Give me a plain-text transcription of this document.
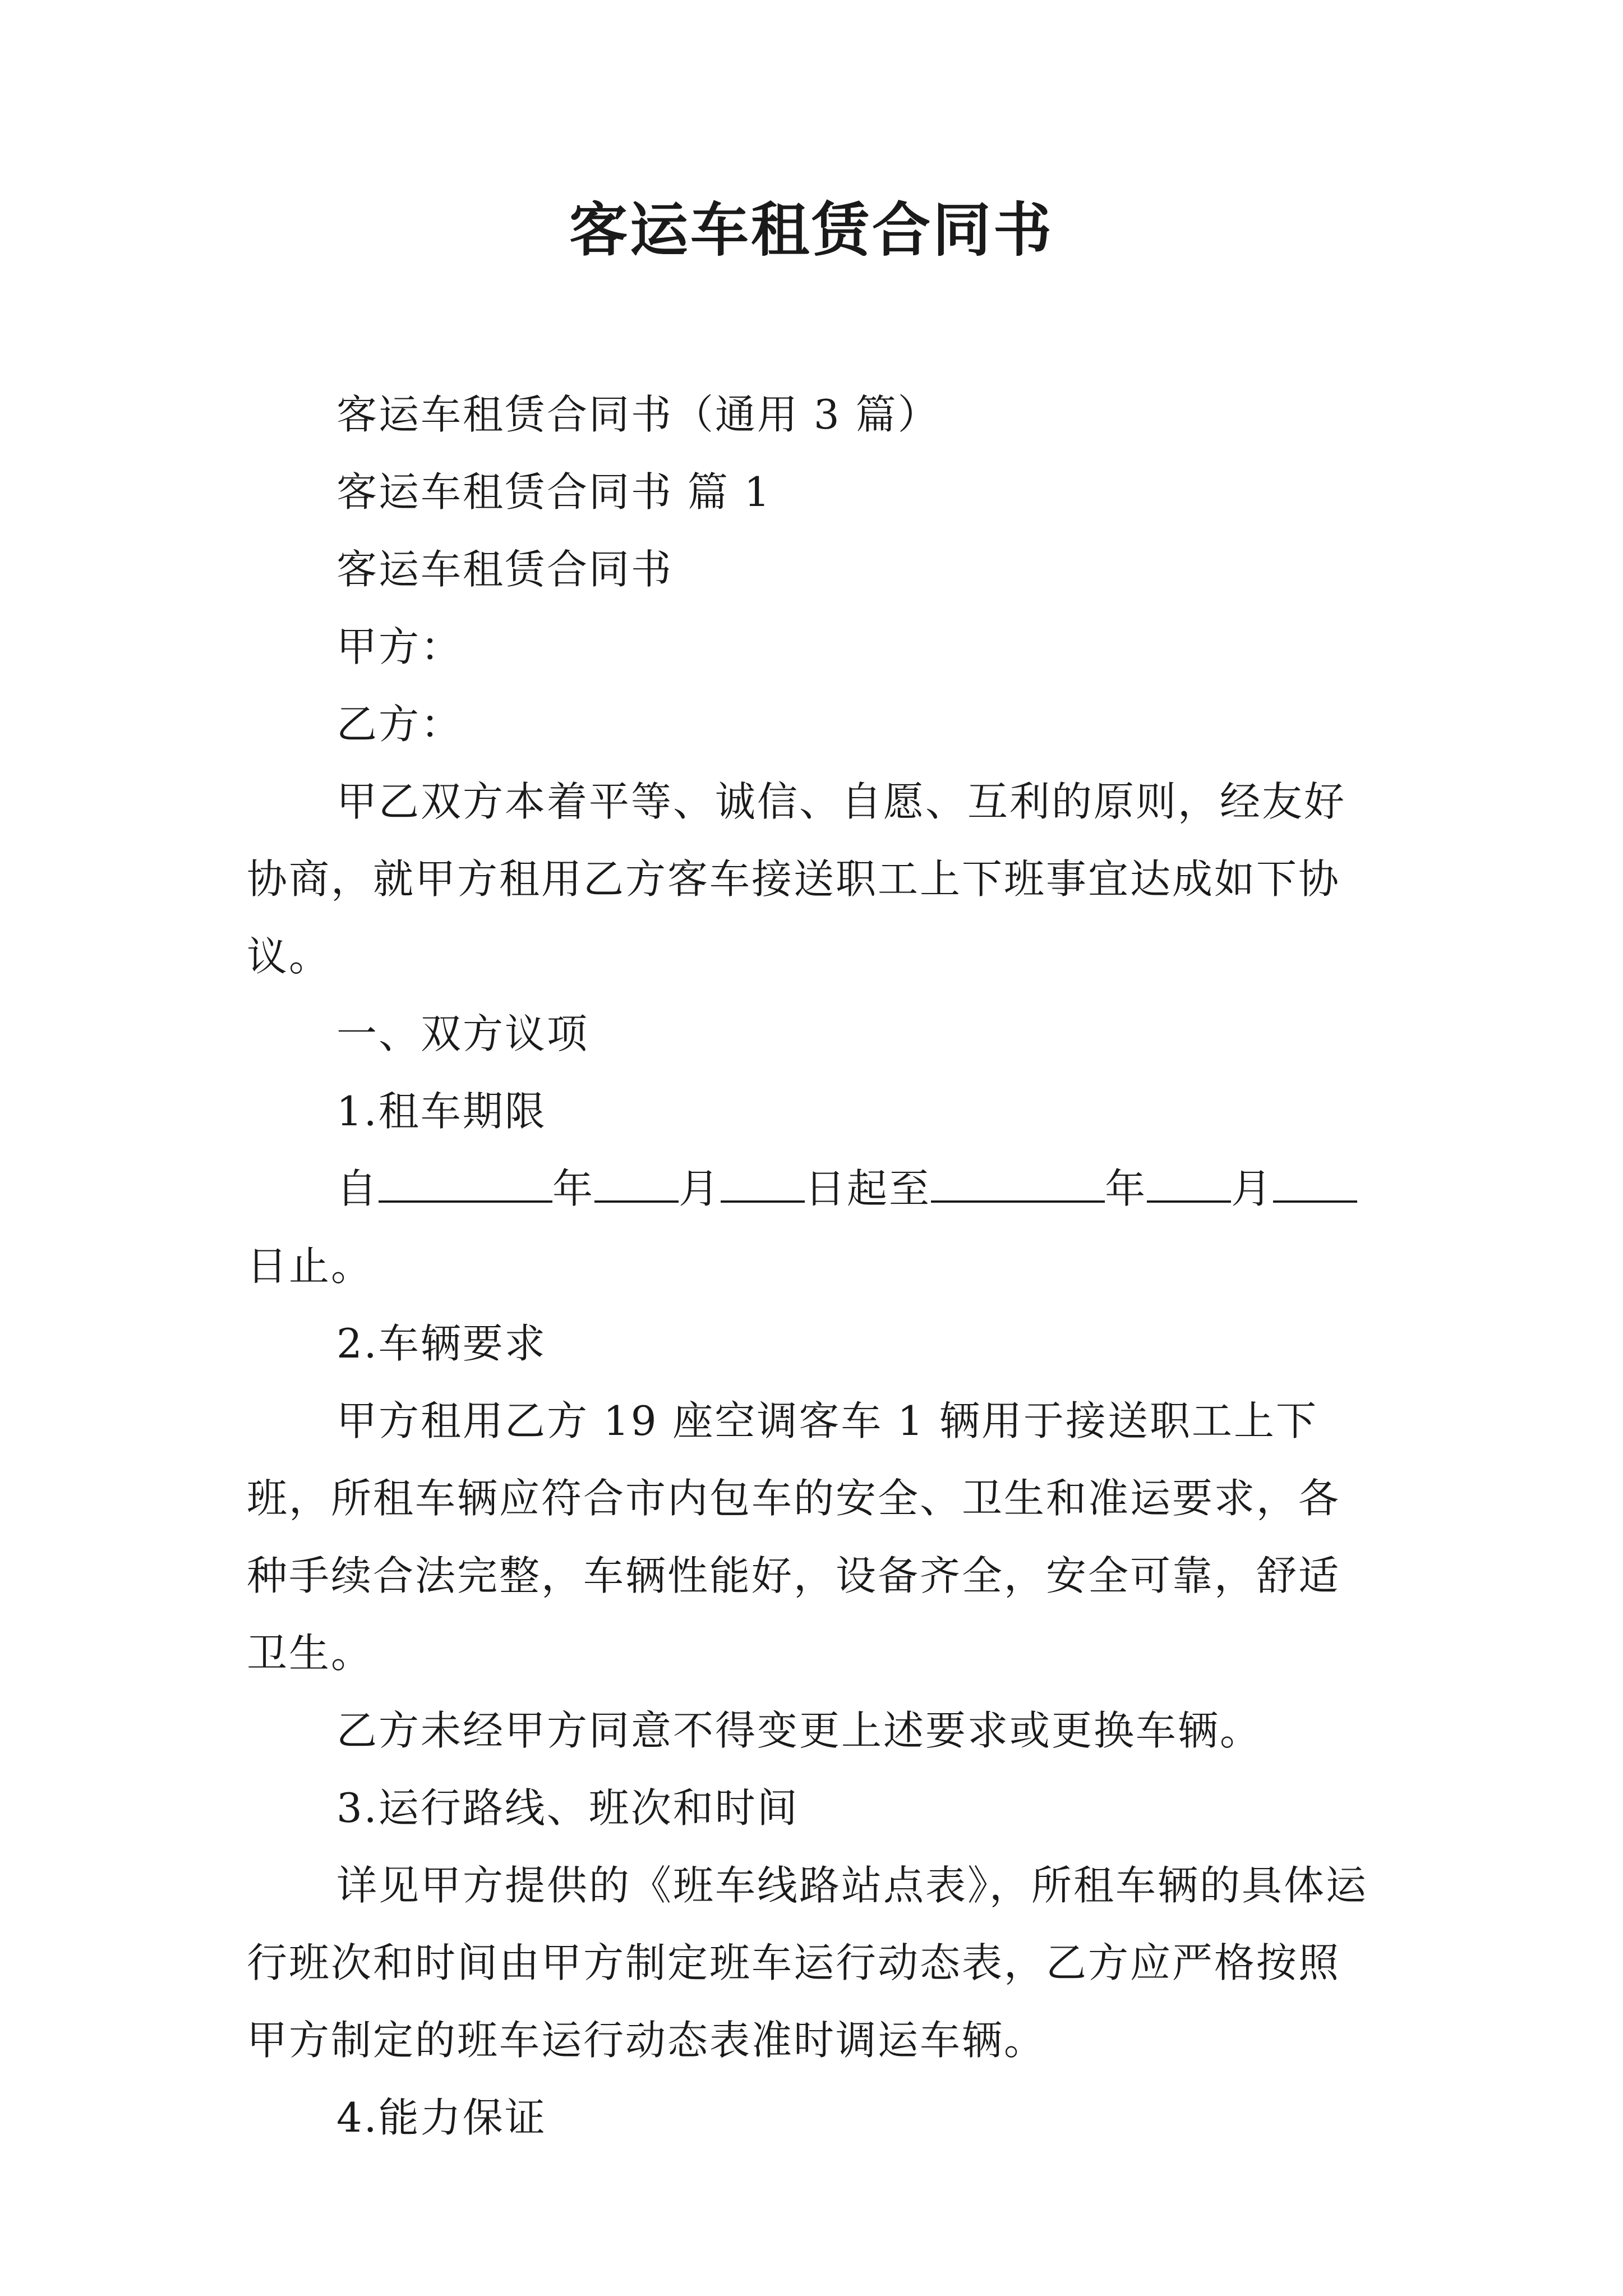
客运车租赁合同书

客运车租赁合同书（通用 3 篇）

客运车租赁合同书 篇 1

客运车租赁合同书

甲方：

乙方：

甲乙双方本着平等、诚信、自愿、互利的原则，经友好协商，就甲方租用乙方客车接送职工上下班事宜达成如下协议。

一、双方议项

1.租车期限

自	年 月 日起至	年 月日止。

2.车辆要求

甲方租用乙方 19 座空调客车 1 辆用于接送职工上下班，所租车辆应符合市内包车的安全、卫生和准运要求，各种手续合法完整，车辆性能好，设备齐全，安全可靠，舒适卫生。

乙方未经甲方同意不得变更上述要求或更换车辆。

3.运行路线、班次和时间

详见甲方提供的《班车线路站点表》，所租车辆的具体运行班次和时间由甲方制定班车运行动态表，乙方应严格按照甲方制定的班车运行动态表准时调运车辆。

4.能力保证
